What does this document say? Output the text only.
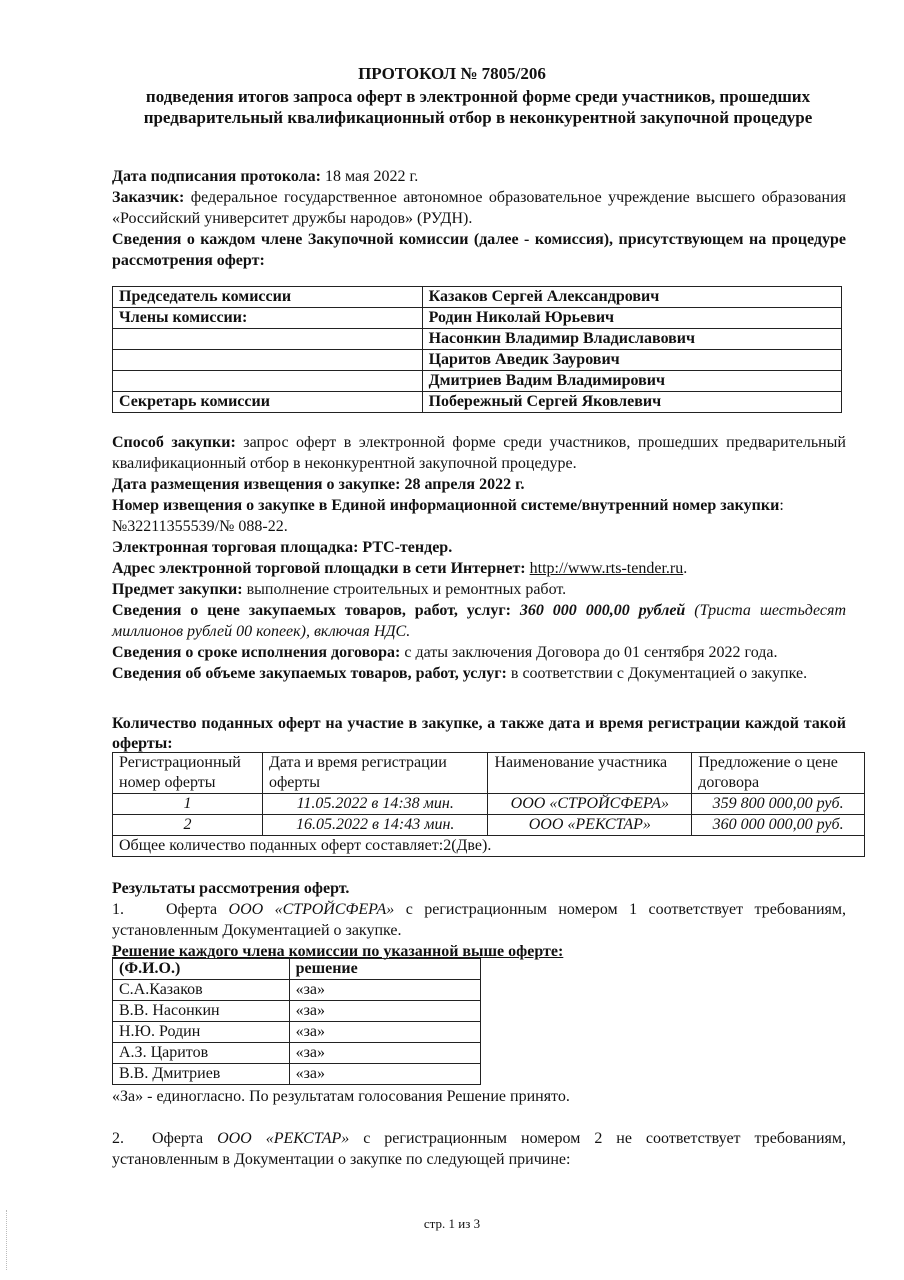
ПРОТОКОЛ № 7805/206
подведения итогов запроса оферт в электронной форме среди участников, прошедших предварительный квалификационный отбор в неконкурентной закупочной процедуре
Дата подписания протокола: 18 мая 2022 г.
Заказчик: федеральное государственное автономное образовательное учреждение высшего образования «Российский университет дружбы народов» (РУДН).
Сведения о каждом члене Закупочной комиссии (далее - комиссия), присутствующем на процедуре рассмотрения оферт:
Председатель комиссии	Казаков Сергей Александрович
Члены комиссии:	Родин Николай Юрьевич
	Насонкин Владимир Владиславович
	Царитов Аведик Заурович
	Дмитриев Вадим Владимирович
Секретарь комиссии	Побережный Сергей Яковлевич
Способ закупки: запрос оферт в электронной форме среди участников, прошедших предварительный квалификационный отбор в неконкурентной закупочной процедуре.
Дата размещения извещения о закупке: 28 апреля 2022 г.
Номер извещения о закупке в Единой информационной системе/внутренний номер закупки:
№32211355539/№ 088-22.
Электронная торговая площадка: РТС-тендер.
Адрес электронной торговой площадки в сети Интернет: http://www.rts-tender.ru.
Предмет закупки: выполнение строительных и ремонтных работ.
Сведения о цене закупаемых товаров, работ, услуг: 360 000 000,00 рублей (Триста шестьдесят миллионов рублей 00 копеек), включая НДС.
Сведения о сроке исполнения договора: с даты заключения Договора до 01 сентября 2022 года.
Сведения об объеме закупаемых товаров, работ, услуг: в соответствии с Документацией о закупке.
Количество поданных оферт на участие в закупке, а также дата и время регистрации каждой такой оферты:
Регистрационный номер оферты	Дата и время регистрации оферты	Наименование участника	Предложение о цене договора
1	11.05.2022 в 14:38 мин.	ООО «СТРОЙСФЕРА»	359 800 000,00 руб.
2	16.05.2022 в 14:43 мин.	ООО «РЕКСТАР»	360 000 000,00 руб.
Общее количество поданных оферт составляет:2(Две).			
Результаты рассмотрения оферт.
1.	Оферта ООО «СТРОЙСФЕРА» с регистрационным номером 1 соответствует требованиям, установленным Документацией о закупке.
Решение каждого члена комиссии по указанной выше оферте:
(Ф.И.О.)	решение
С.А.Казаков	«за»
В.В. Насонкин	«за»
Н.Ю. Родин	«за»
А.З. Царитов	«за»
В.В. Дмитриев	«за»
«За» - единогласно. По результатам голосования Решение принято.
2. Оферта ООО «РЕКСТАР» с регистрационным номером 2 не соответствует требованиям, установленным в Документации о закупке по следующей причине:
стр. 1 из 3
